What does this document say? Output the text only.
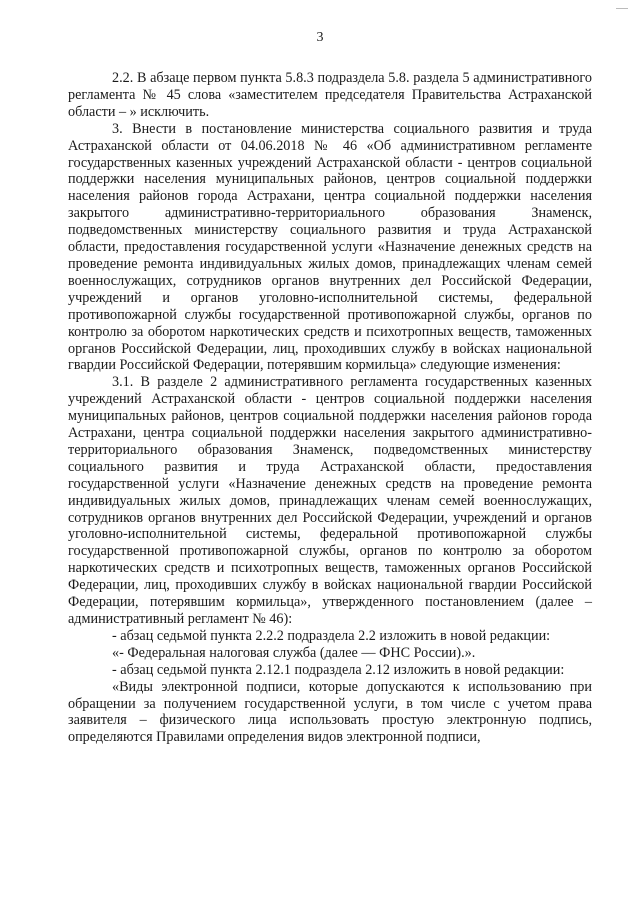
3

2.2. В абзаце первом пункта 5.8.3 подраздела 5.8. раздела 5 административного регламента № 45 слова «заместителем председателя Правительства Астраханской области – » исключить.

3. Внести в постановление министерства социального развития и труда Астраханской области от 04.06.2018 № 46 «Об административном регламенте государственных казенных учреждений Астраханской области - центров социальной поддержки населения муниципальных районов, центров социальной поддержки населения районов города Астрахани, центра социальной поддержки населения закрытого административно-территориального образования Знаменск, подведомственных министерству социального развития и труда Астраханской области, предоставления государственной услуги «Назначение денежных средств на проведение ремонта индивидуальных жилых домов, принадлежащих членам семей военнослужащих, сотрудников органов внутренних дел Российской Федерации, учреждений и органов уголовно-исполнительной системы, федеральной противопожарной службы государственной противопожарной службы, органов по контролю за оборотом наркотических средств и психотропных веществ, таможенных органов Российской Федерации, лиц, проходивших службу в войсках национальной гвардии Российской Федерации, потерявшим кормильца» следующие изменения:

3.1. В разделе 2 административного регламента государственных казенных учреждений Астраханской области - центров социальной поддержки населения муниципальных районов, центров социальной поддержки населения районов города Астрахани, центра социальной поддержки населения закрытого административно-территориального образования Знаменск, подведомственных министерству социального развития и труда Астраханской области, предоставления государственной услуги «Назначение денежных средств на проведение ремонта индивидуальных жилых домов, принадлежащих членам семей военнослужащих, сотрудников органов внутренних дел Российской Федерации, учреждений и органов уголовно-исполнительной системы, федеральной противопожарной службы государственной противопожарной службы, органов по контролю за оборотом наркотических средств и психотропных веществ, таможенных органов Российской Федерации, лиц, проходивших службу в войсках национальной гвардии Российской Федерации, потерявшим кормильца», утвержденного постановлением (далее – административный регламент № 46):

- абзац седьмой пункта 2.2.2 подраздела 2.2 изложить в новой редакции:

«- Федеральная налоговая служба (далее — ФНС России).».

- абзац седьмой пункта 2.12.1 подраздела 2.12 изложить в новой редакции:

«Виды электронной подписи, которые допускаются к использованию при обращении за получением государственной услуги, в том числе с учетом права заявителя – физического лица использовать простую электронную подпись, определяются Правилами определения видов электронной подписи,
